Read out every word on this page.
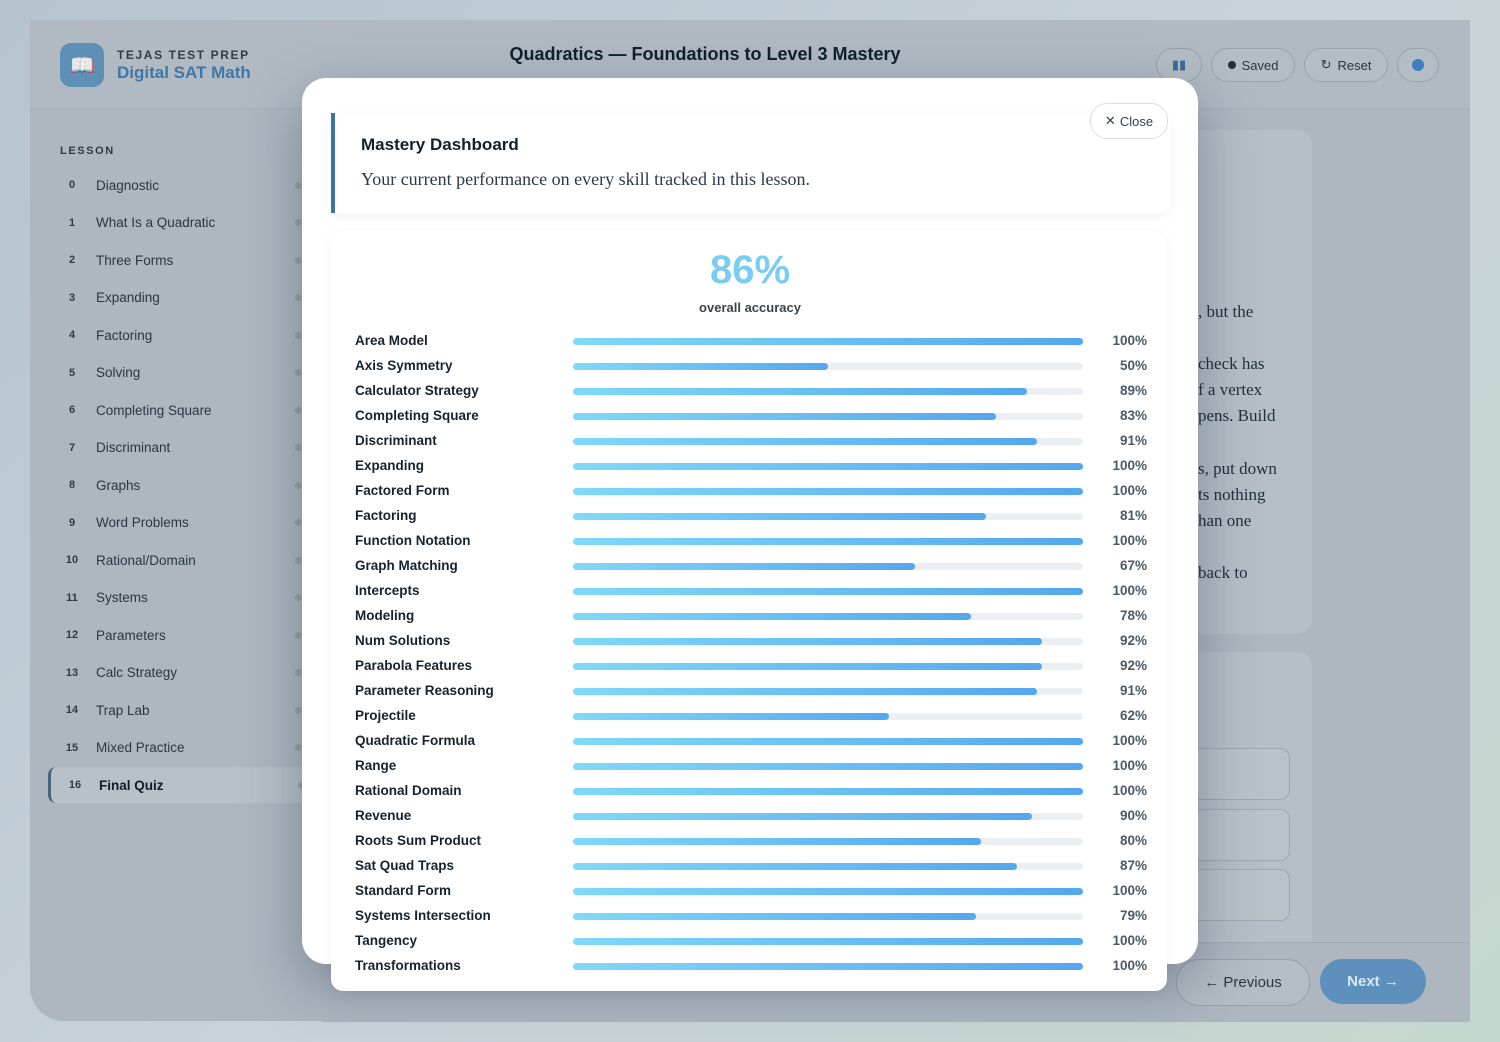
📖	TEJAS TEST PREP
Digital SAT Math
Quadratics — Foundations to Level 3 Mastery
▮▮	Saved	↻ Reset
LESSON
0	Diagnostic
1	What Is a Quadratic
2	Three Forms
3	Expanding
4	Factoring
5	Solving
6	Completing Square
7	Discriminant
8	Graphs
9	Word Problems
10	Rational/Domain
11	Systems
12	Parameters
13	Calc Strategy
14	Trap Lab
15	Mixed Practice
16	Final Quiz
, but the
check has
f a vertex
pens. Build
s, put down
ts nothing
han one
back to

← Previous	Next →
Mastery Dashboard
Your current performance on every skill tracked in this lesson.
✕ Close
86%
overall accuracy
Area Model	100%
Axis Symmetry	50%
Calculator Strategy	89%
Completing Square	83%
Discriminant	91%
Expanding	100%
Factored Form	100%
Factoring	81%
Function Notation	100%
Graph Matching	67%
Intercepts	100%
Modeling	78%
Num Solutions	92%
Parabola Features	92%
Parameter Reasoning	91%
Projectile	62%
Quadratic Formula	100%
Range	100%
Rational Domain	100%
Revenue	90%
Roots Sum Product	80%
Sat Quad Traps	87%
Standard Form	100%
Systems Intersection	79%
Tangency	100%
Transformations	100%
